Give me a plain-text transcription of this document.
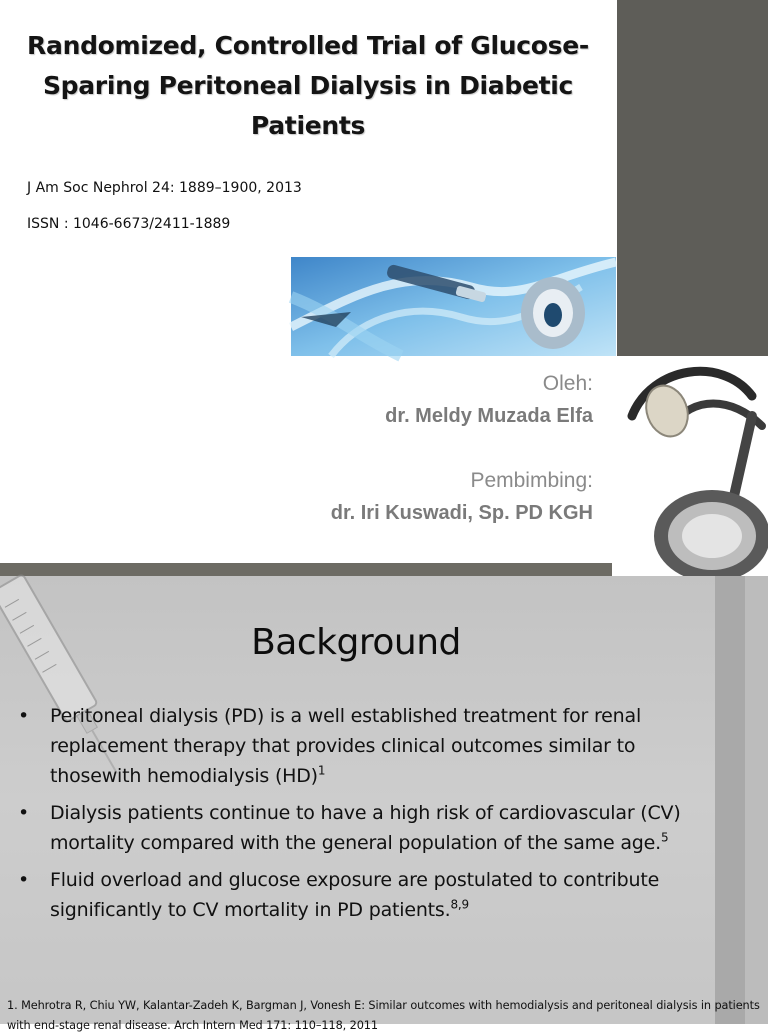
Randomized, Controlled Trial of Glucose-Sparing Peritoneal Dialysis in Diabetic Patients
J Am Soc Nephrol 24: 1889–1900, 2013
ISSN : 1046-6673/2411-1889
Oleh:
dr. Meldy Muzada Elfa
Pembimbing:
dr. Iri Kuswadi, Sp. PD KGH
Background
• Peritoneal dialysis (PD) is a well established treatment for renal replacement therapy that provides clinical outcomes similar to thosewith hemodialysis (HD)$^1$
• Dialysis patients continue to have a high risk of cardiovascular (CV) mortality compared with the general population of the same age.$^5$
• Fluid overload and glucose exposure are postulated to contribute significantly to CV mortality in PD patients.$^{8,9}$
1. Mehrotra R, Chiu YW, Kalantar-Zadeh K, Bargman J, Vonesh E: Similar outcomes with hemodialysis and peritoneal dialysis in patients with end-stage renal disease. Arch Intern Med 171: 110–118, 2011
